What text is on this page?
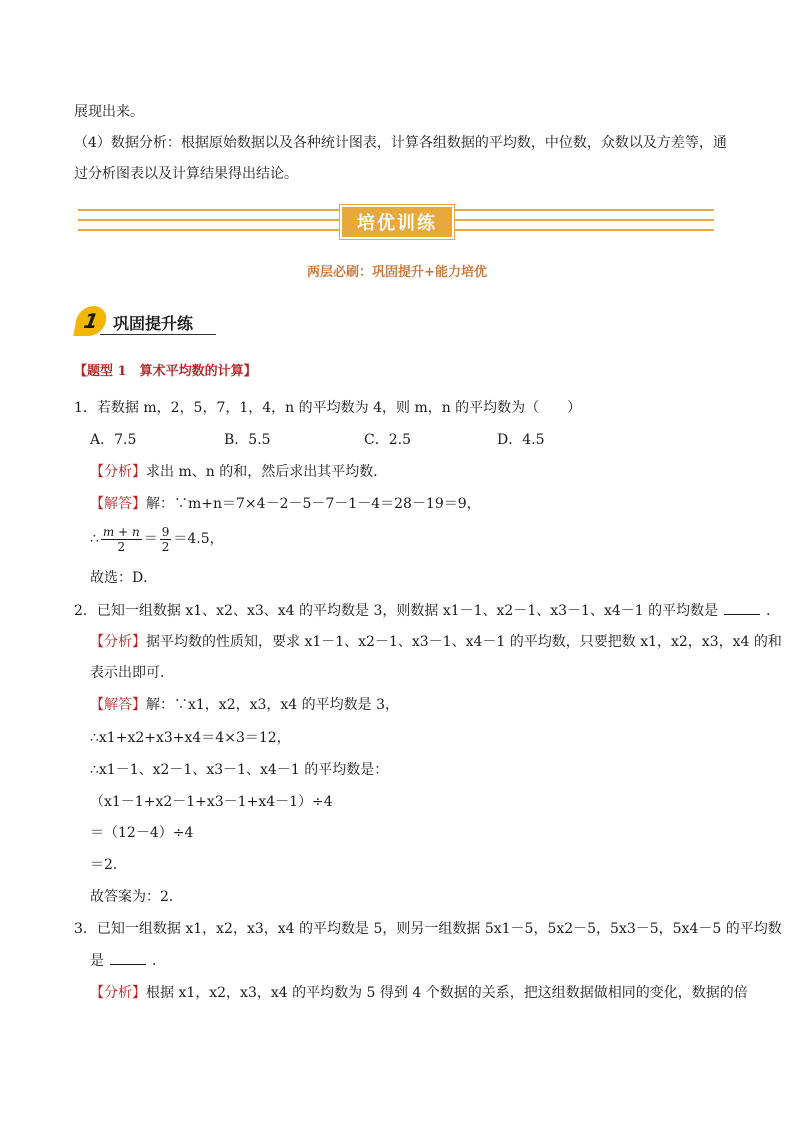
展现出来。
（4）数据分析：根据原始数据以及各种统计图表，计算各组数据的平均数，中位数，众数以及方差等，通
过分析图表以及计算结果得出结论。
培优训练
两层必刷：巩固提升+能力培优
1 巩固提升练
【题型 1　算术平均数的计算】
1．若数据 m，2，5，7，1，4，n 的平均数为 4，则 m，n 的平均数为（　　）
A．7.5	B．5.5	C．2.5	D．4.5
【分析】求出 m、n 的和，然后求出其平均数．
【解答】解：∵m+n＝7×4－2－5－7－1－4＝28－19＝9，
∴ $\frac{m + n}{2} = \frac{9}{2} =4.5$，
故选：D．
2．已知一组数据 x1、x2、x3、x4 的平均数是 3，则数据 x1－1、x2－1、x3－1、x4－1 的平均数是	．
【分析】据平均数的性质知，要求 x1－1、x2－1、x3－1、x4－1 的平均数，只要把数 x1，x2，x3，x4 的和
表示出即可．
【解答】解：∵x1，x2，x3，x4 的平均数是 3，
∴x1+x2+x3+x4＝4×3＝12，
∴x1－1、x2－1、x3－1、x4－1 的平均数是：
（x1－1+x2－1+x3－1+x4－1）÷4
＝（12－4）÷4
＝2．
故答案为：2．
3．已知一组数据 x1，x2，x3，x4 的平均数是 5，则另一组数据 5x1－5，5x2－5，5x3－5，5x4－5 的平均数
是	．
【分析】根据 x1，x2，x3，x4 的平均数为 5 得到 4 个数据的关系，把这组数据做相同的变化，数据的倍
